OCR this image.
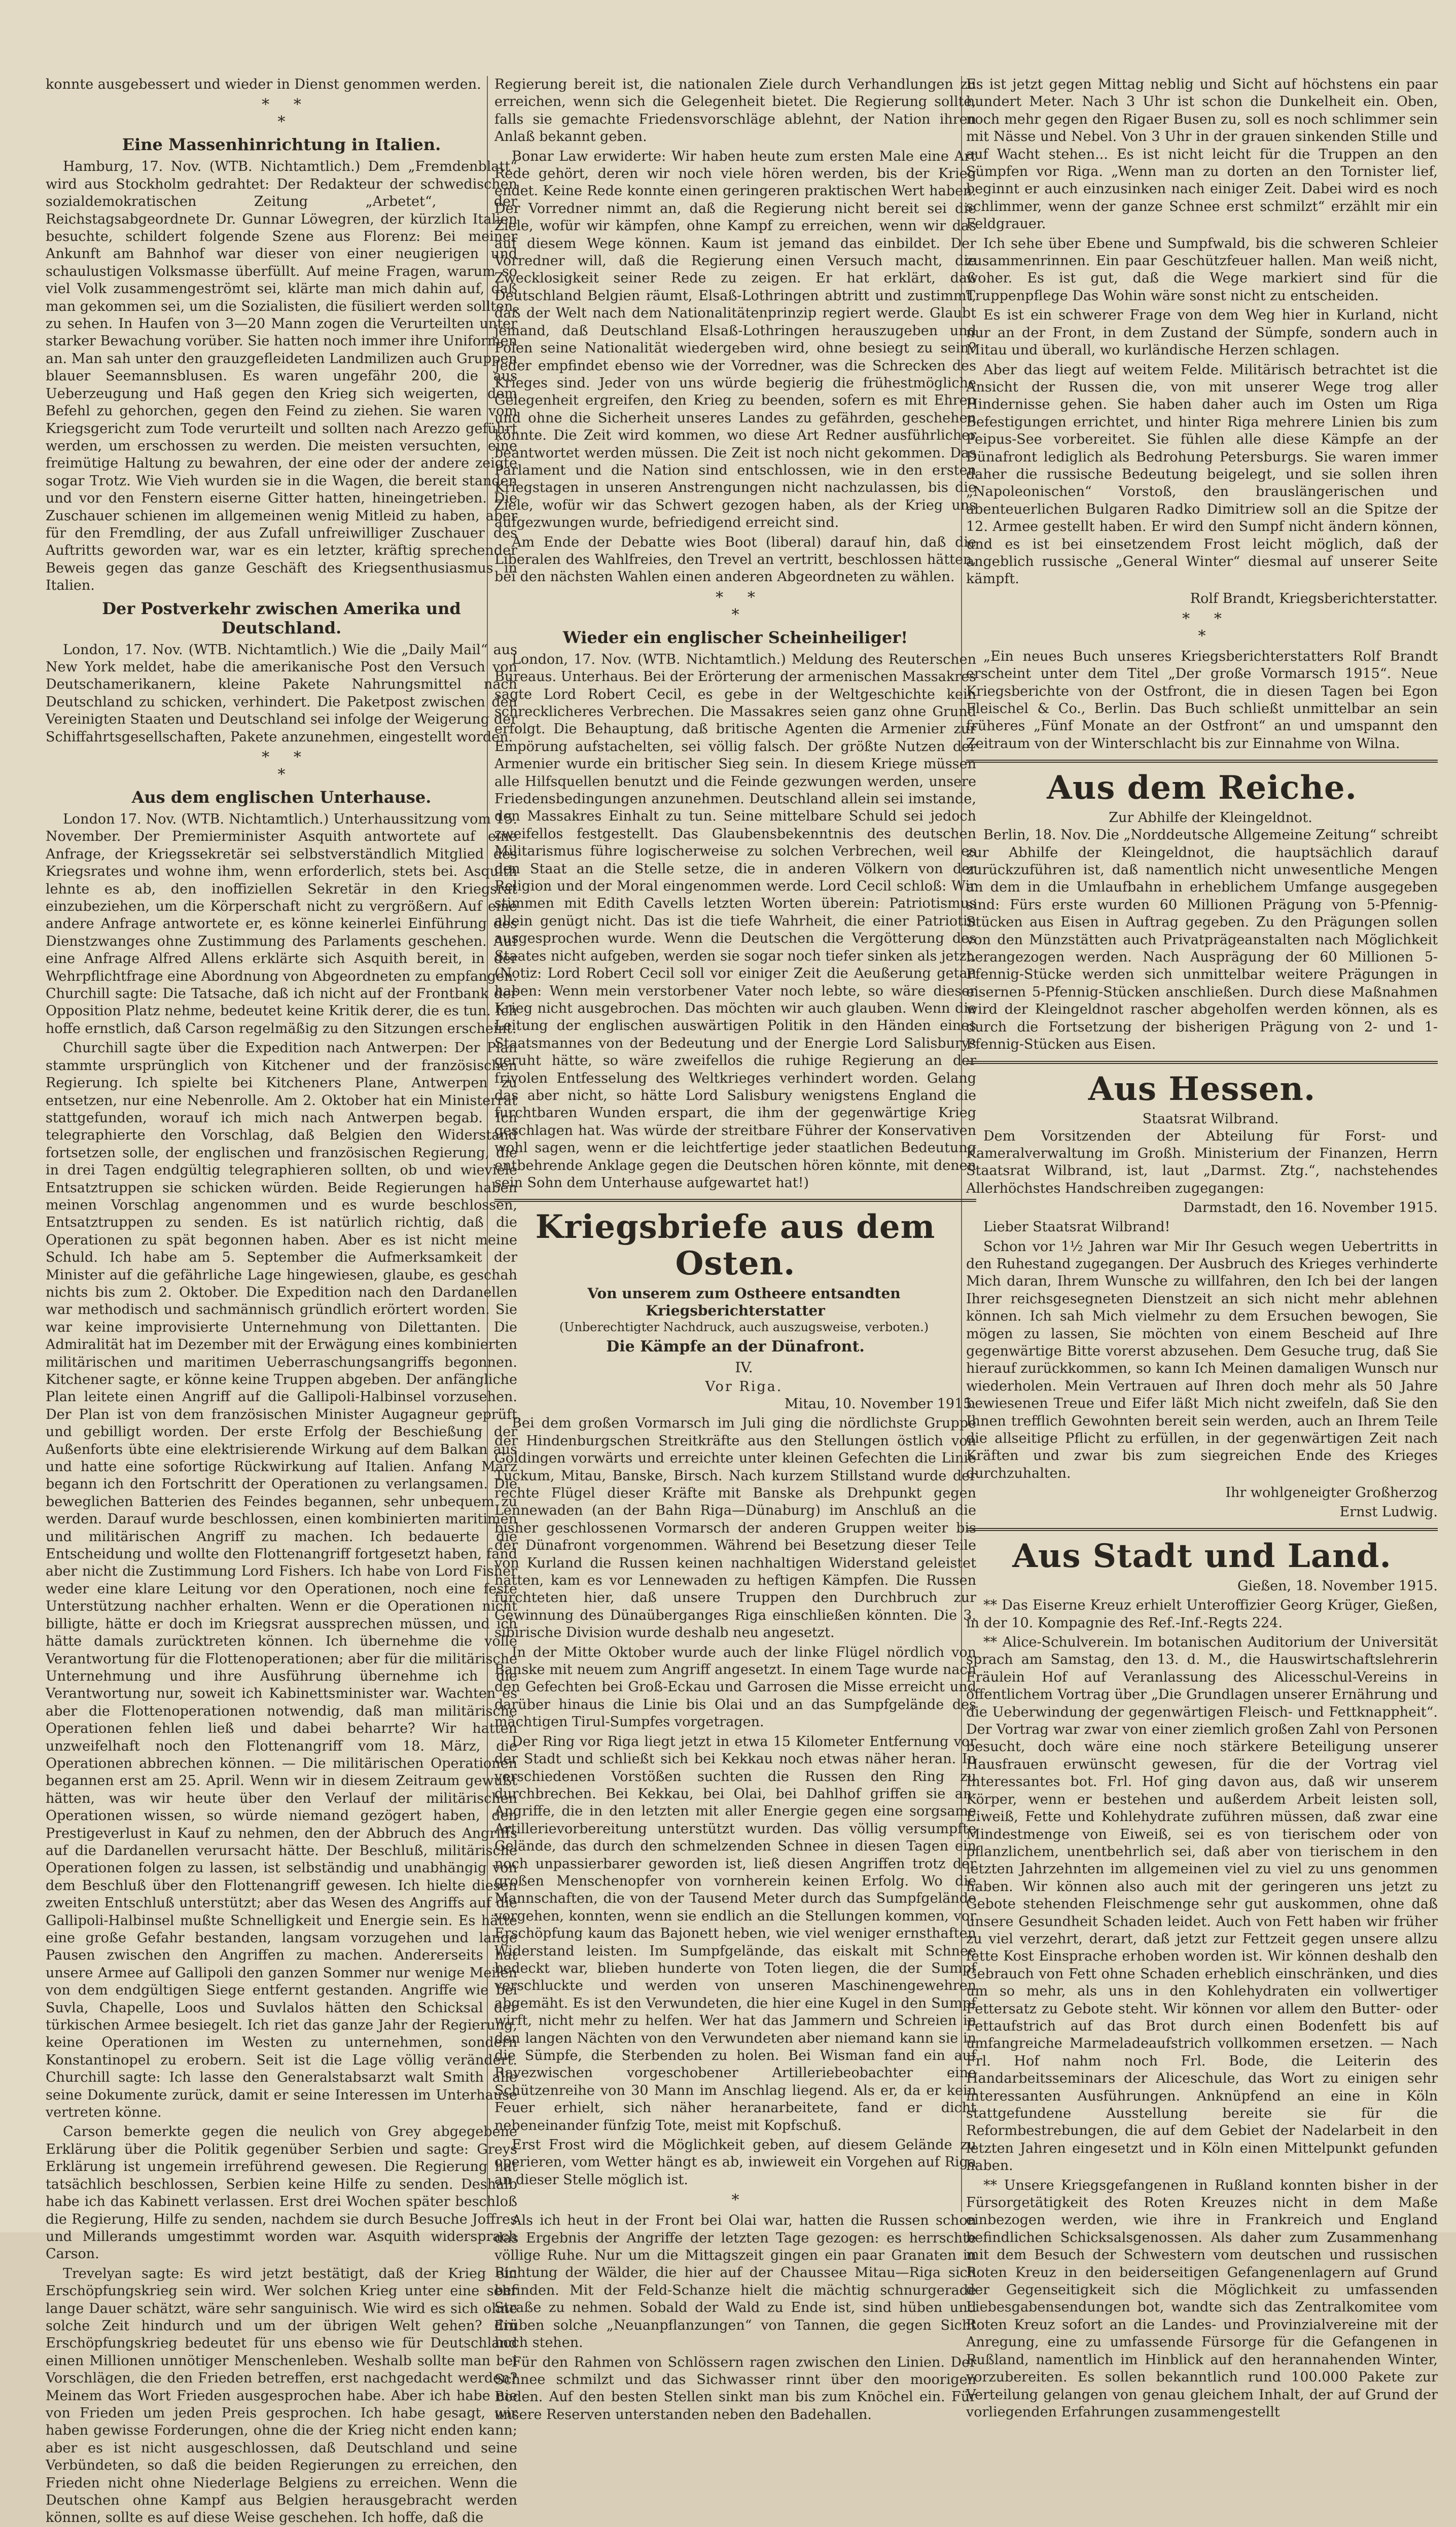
konnte ausgebessert und wieder in Dienst genommen werden.

*     *
*
Eine Massenhinrichtung in Italien.

Hamburg, 17. Nov. (WTB. Nichtamtlich.) Dem „Fremdenblatt“ wird aus Stockholm gedrahtet: Der Redakteur der schwedischen sozialdemokratischen Zeitung „Arbetet“, der Reichstagsabgeordnete Dr. Gunnar Löwegren, der kürzlich Italien besuchte, schildert folgende Szene aus Florenz: Bei meiner Ankunft am Bahnhof war dieser von einer neugierigen und schaulustigen Volksmasse überfüllt. Auf meine Fragen, warum so viel Volk zusammengeströmt sei, klärte man mich dahin auf, daß man gekommen sei, um die Sozialisten, die füsiliert werden sollten, zu sehen. In Haufen von 3—20 Mann zogen die Verurteilten unter starker Bewachung vorüber. Sie hatten noch immer ihre Uniformen an. Man sah unter den grauzgefleideten Landmilizen auch Gruppen blauer Seemannsblusen. Es waren ungefähr 200, die aus Ueberzeugung und Haß gegen den Krieg sich weigerten, dem Befehl zu gehorchen, gegen den Feind zu ziehen. Sie waren vom Kriegsgericht zum Tode verurteilt und sollten nach Arezzo geführt werden, um erschossen zu werden. Die meisten versuchten, eine freimütige Haltung zu bewahren, der eine oder der andere zeigte sogar Trotz. Wie Vieh wurden sie in die Wagen, die bereit standen und vor den Fenstern eiserne Gitter hatten, hineingetrieben. Die Zuschauer schienen im allgemeinen wenig Mitleid zu haben, aber für den Fremdling, der aus Zufall unfreiwilliger Zuschauer des Auftritts geworden war, war es ein letzter, kräftig sprechender Beweis gegen das ganze Geschäft des Kriegsenthusiasmus in Italien.

Der Postverkehr zwischen Amerika und Deutschland.

London, 17. Nov. (WTB. Nichtamtlich.) Wie die „Daily Mail“ aus New York meldet, habe die amerikanische Post den Versuch von Deutschamerikanern, kleine Pakete Nahrungsmittel nach Deutschland zu schicken, verhindert. Die Paketpost zwischen den Vereinigten Staaten und Deutschland sei infolge der Weigerung der Schiffahrtsgesellschaften, Pakete anzunehmen, eingestellt worden.

*     *
*
Aus dem englischen Unterhause.

London 17. Nov. (WTB. Nichtamtlich.) Unterhaussitzung vom 15. November. Der Premierminister Asquith antwortete auf eine Anfrage, der Kriegssekretär sei selbstverständlich Mitglied des Kriegsrates und wohne ihm, wenn erforderlich, stets bei. Asquith lehnte es ab, den inoffiziellen Sekretär in den Kriegsrat einzubeziehen, um die Körperschaft nicht zu vergrößern. Auf eine andere Anfrage antwortete er, es könne keinerlei Einführung des Dienstzwanges ohne Zustimmung des Parlaments geschehen. Auf eine Anfrage Alfred Allens erklärte sich Asquith bereit, in der Wehrpflichtfrage eine Abordnung von Abgeordneten zu empfangen. Churchill sagte: Die Tatsache, daß ich nicht auf der Frontbank der Opposition Platz nehme, bedeutet keine Kritik derer, die es tun. Ich hoffe ernstlich, daß Carson regelmäßig zu den Sitzungen erscheint.

Churchill sagte über die Expedition nach Antwerpen: Der Plan stammte ursprünglich von Kitchener und der französischen Regierung. Ich spielte bei Kitcheners Plane, Antwerpen zu entsetzen, nur eine Nebenrolle. Am 2. Oktober hat ein Ministerrat stattgefunden, worauf ich mich nach Antwerpen begab. Ich telegraphierte den Vorschlag, daß Belgien den Widerstand fortsetzen solle, der englischen und französischen Regierung, die in drei Tagen endgültig telegraphieren sollten, ob und wieviele Entsatztruppen sie schicken würden. Beide Regierungen haben meinen Vorschlag angenommen und es wurde beschlossen, Entsatztruppen zu senden. Es ist natürlich richtig, daß die Operationen zu spät begonnen haben. Aber es ist nicht meine Schuld. Ich habe am 5. September die Aufmerksamkeit der Minister auf die gefährliche Lage hingewiesen, glaube, es geschah nichts bis zum 2. Oktober. Die Expedition nach den Dardanellen war methodisch und sachmännisch gründlich erörtert worden. Sie war keine improvisierte Unternehmung von Dilettanten. Die Admiralität hat im Dezember mit der Erwägung eines kombinierten militärischen und maritimen Ueberraschungsangriffs begonnen. Kitchener sagte, er könne keine Truppen abgeben. Der anfängliche Plan leitete einen Angriff auf die Gallipoli-Halbinsel vorzusehen. Der Plan ist von dem französischen Minister Augagneur geprüft und gebilligt worden. Der erste Erfolg der Beschießung der Außenforts übte eine elektrisierende Wirkung auf dem Balkan aus und hatte eine sofortige Rückwirkung auf Italien. Anfang März begann ich den Fortschritt der Operationen zu verlangsamen. Die beweglichen Batterien des Feindes begannen, sehr unbequem zu werden. Darauf wurde beschlossen, einen kombinierten maritimen und militärischen Angriff zu machen. Ich bedauerte die Entscheidung und wollte den Flottenangriff fortgesetzt haben, fand aber nicht die Zustimmung Lord Fishers. Ich habe von Lord Fisher weder eine klare Leitung vor den Operationen, noch eine feste Unterstützung nachher erhalten. Wenn er die Operationen nicht billigte, hätte er doch im Kriegsrat aussprechen müssen, und ich hätte damals zurücktreten können. Ich übernehme die volle Verantwortung für die Flottenoperationen; aber für die militärische Unternehmung und ihre Ausführung übernehme ich die Verantwortung nur, soweit ich Kabinettsminister war. Wachten es aber die Flottenoperationen notwendig, daß man militärische Operationen fehlen ließ und dabei beharrte? Wir hatten unzweifelhaft noch den Flottenangriff vom 18. März, die Operationen abbrechen können. — Die militärischen Operationen begannen erst am 25. April. Wenn wir in diesem Zeitraum gewußt hätten, was wir heute über den Verlauf der militärischen Operationen wissen, so würde niemand gezögert haben, den Prestigeverlust in Kauf zu nehmen, den der Abbruch des Angriffs auf die Dardanellen verursacht hätte. Der Beschluß, militärische Operationen folgen zu lassen, ist selbständig und unabhängig von dem Beschluß über den Flottenangriff gewesen. Ich hielte diesen zweiten Entschluß unterstützt; aber das Wesen des Angriffs auf die Gallipoli-Halbinsel mußte Schnelligkeit und Energie sein. Es hätte eine große Gefahr bestanden, langsam vorzugehen und lange Pausen zwischen den Angriffen zu machen. Andererseits hat unsere Armee auf Gallipoli den ganzen Sommer nur wenige Meilen von dem endgültigen Siege entfernt gestanden. Angriffe wie bei Suvla, Chapelle, Loos und Suvlalos hätten den Schicksal der türkischen Armee besiegelt. Ich riet das ganze Jahr der Regierung, keine Operationen im Westen zu unternehmen, sondern Konstantinopel zu erobern. Seit ist die Lage völlig verändert. Churchill sagte: Ich lasse den Generalstabsarzt walt Smith alle seine Dokumente zurück, damit er seine Interessen im Unterhause vertreten könne.

Carson bemerkte gegen die neulich von Grey abgegebene Erklärung über die Politik gegenüber Serbien und sagte: Greys Erklärung ist ungemein irreführend gewesen. Die Regierung hat tatsächlich beschlossen, Serbien keine Hilfe zu senden. Deshalb habe ich das Kabinett verlassen. Erst drei Wochen später beschloß die Regierung, Hilfe zu senden, nachdem sie durch Besuche Joffres und Millerands umgestimmt worden war. Asquith widersprach Carson.

Trevelyan sagte: Es wird jetzt bestätigt, daß der Krieg ein Erschöpfungskrieg sein wird. Wer solchen Krieg unter eine sehr lange Dauer schätzt, wäre sehr sanguinisch. Wie wird es sich ohne solche Zeit hindurch und um der übrigen Welt gehen? Ein Erschöpfungskrieg bedeutet für uns ebenso wie für Deutschland einen Millionen unnötiger Menschenleben. Weshalb sollte man bei Vorschlägen, die den Frieden betreffen, erst nachgedacht werden? Meinem das Wort Frieden ausgesprochen habe. Aber ich habe nie von Frieden um jeden Preis gesprochen. Ich habe gesagt, wir haben gewisse Forderungen, ohne die der Krieg nicht enden kann; aber es ist nicht ausgeschlossen, daß Deutschland und seine Verbündeten, so daß die beiden Regierungen zu erreichen, den Frieden nicht ohne Niederlage Belgiens zu erreichen. Wenn die Deutschen ohne Kampf aus Belgien herausgebracht werden können, sollte es auf diese Weise geschehen. Ich hoffe, daß die

Regierung bereit ist, die nationalen Ziele durch Verhandlungen zu erreichen, wenn sich die Gelegenheit bietet. Die Regierung sollte, falls sie gemachte Friedensvorschläge ablehnt, der Nation ihren Anlaß bekannt geben.

Bonar Law erwiderte: Wir haben heute zum ersten Male eine Art Rede gehört, deren wir noch viele hören werden, bis der Krieg endet. Keine Rede konnte einen geringeren praktischen Wert haben. Der Vorredner nimmt an, daß die Regierung nicht bereit sei die Ziele, wofür wir kämpfen, ohne Kampf zu erreichen, wenn wir das auf diesem Wege können. Kaum ist jemand das einbildet. Der Vorredner will, daß die Regierung einen Versuch macht, die Zwecklosigkeit seiner Rede zu zeigen. Er hat erklärt, daß Deutschland Belgien räumt, Elsaß-Lothringen abtritt und zustimmt, daß der Welt nach dem Nationalitätenprinzip regiert werde. Glaubt jemand, daß Deutschland Elsaß-Lothringen herauszugeben und Polen seine Nationalität wiedergeben wird, ohne besiegt zu sein? Jeder empfindet ebenso wie der Vorredner, was die Schrecken des Krieges sind. Jeder von uns würde begierig die frühestmögliche Gelegenheit ergreifen, den Krieg zu beenden, sofern es mit Ehren und ohne die Sicherheit unseres Landes zu gefährden, geschehen könnte. Die Zeit wird kommen, wo diese Art Redner ausführlicher beantwortet werden müssen. Die Zeit ist noch nicht gekommen. Das Parlament und die Nation sind entschlossen, wie in den ersten Kriegstagen in unseren Anstrengungen nicht nachzulassen, bis die Ziele, wofür wir das Schwert gezogen haben, als der Krieg uns aufgezwungen wurde, befriedigend erreicht sind.

Am Ende der Debatte wies Boot (liberal) darauf hin, daß die Liberalen des Wahlfreies, den Trevel an vertritt, beschlossen hätten, bei den nächsten Wahlen einen anderen Abgeordneten zu wählen.

*     *
*
Wieder ein englischer Scheinheiliger!

London, 17. Nov. (WTB. Nichtamtlich.) Meldung des Reuterschen Bureaus. Unterhaus. Bei der Erörterung der armenischen Massakres sagte Lord Robert Cecil, es gebe in der Weltgeschichte kein schrecklicheres Verbrechen. Die Massakres seien ganz ohne Grund erfolgt. Die Behauptung, daß britische Agenten die Armenier zur Empörung aufstachelten, sei völlig falsch. Der größte Nutzen der Armenier wurde ein britischer Sieg sein. In diesem Kriege müssen alle Hilfsquellen benutzt und die Feinde gezwungen werden, unsere Friedensbedingungen anzunehmen. Deutschland allein sei imstande, den Massakres Einhalt zu tun. Seine mittelbare Schuld sei jedoch zweifellos festgestellt. Das Glaubensbekenntnis des deutschen Militarismus führe logischerweise zu solchen Verbrechen, weil es den Staat an die Stelle setze, die in anderen Völkern von der Religion und der Moral eingenommen werde. Lord Cecil schloß: Wir stimmen mit Edith Cavells letzten Worten überein: Patriotismus allein genügt nicht. Das ist die tiefe Wahrheit, die einer Patriotin ausgesprochen wurde. Wenn die Deutschen die Vergötterung des Staates nicht aufgeben, werden sie sogar noch tiefer sinken als jetzt. (Notiz: Lord Robert Cecil soll vor einiger Zeit die Aeußerung getan haben: Wenn mein verstorbener Vater noch lebte, so wäre dieser Krieg nicht ausgebrochen. Das möchten wir auch glauben. Wenn die Leitung der englischen auswärtigen Politik in den Händen eines Staatsmannes von der Bedeutung und der Energie Lord Salisburys geruht hätte, so wäre zweifellos die ruhige Regierung an der frivolen Entfesselung des Weltkrieges verhindert worden. Gelang das aber nicht, so hätte Lord Salisbury wenigstens England die furchtbaren Wunden erspart, die ihm der gegenwärtige Krieg geschlagen hat. Was würde der streitbare Führer der Konservativen wohl sagen, wenn er die leichtfertige jeder staatlichen Bedeutung entbehrende Anklage gegen die Deutschen hören könnte, mit denen sein Sohn dem Unterhause aufgewartet hat!)

Kriegsbriefe aus dem Osten.

Von unserem zum Ostheere entsandten Kriegsberichterstatter

(Unberechtigter Nachdruck, auch auszugsweise, verboten.)

Die Kämpfe an der Dünafront.

IV.

Vor Riga.

Mitau, 10. November 1915.

Bei dem großen Vormarsch im Juli ging die nördlichste Gruppe der Hindenburgschen Streitkräfte aus den Stellungen östlich von Goldingen vorwärts und erreichte unter kleinen Gefechten die Linie Tuckum, Mitau, Banske, Birsch. Nach kurzem Stillstand wurde der rechte Flügel dieser Kräfte mit Banske als Drehpunkt gegen Lennewaden (an der Bahn Riga—Dünaburg) im Anschluß an die bisher geschlossenen Vormarsch der anderen Gruppen weiter bis der Dünafront vorgenommen. Während bei Besetzung dieser Teile von Kurland die Russen keinen nachhaltigen Widerstand geleistet hatten, kam es vor Lennewaden zu heftigen Kämpfen. Die Russen fürchteten hier, daß unsere Truppen den Durchbruch zur Gewinnung des Dünaüberganges Riga einschließen könnten. Die 3. sibirische Division wurde deshalb neu angesetzt.

In der Mitte Oktober wurde auch der linke Flügel nördlich von Banske mit neuem zum Angriff angesetzt. In einem Tage wurde nach den Gefechten bei Groß-Eckau und Garrosen die Misse erreicht und darüber hinaus die Linie bis Olai und an das Sumpfgelände des mächtigen Tirul-Sumpfes vorgetragen.

Der Ring vor Riga liegt jetzt in etwa 15 Kilometer Entfernung vor der Stadt und schließt sich bei Kekkau noch etwas näher heran. In verschiedenen Vorstößen suchten die Russen den Ring zu durchbrechen. Bei Kekkau, bei Olai, bei Dahlhof griffen sie an. Angriffe, die in den letzten mit aller Energie gegen eine sorgsame Artillerievorbereitung unterstützt wurden. Das völlig versumpfte Gelände, das durch den schmelzenden Schnee in diesen Tagen ein noch unpassierbarer geworden ist, ließ diesen Angriffen trotz der großen Menschenopfer von vornherein keinen Erfolg. Wo die Mannschaften, die von der Tausend Meter durch das Sumpfgelände vorgehen, konnten, wenn sie endlich an die Stellungen kommen, vor Erschöpfung kaum das Bajonett heben, wie viel weniger ernsthaften Widerstand leisten. Im Sumpfgelände, das eiskalt mit Schnee bedeckt war, blieben hunderte von Toten liegen, die der Sumpf verschluckte und werden von unseren Maschinengewehren abgemäht. Es ist den Verwundeten, die hier eine Kugel in den Sumpf wirft, nicht mehr zu helfen. Wer hat das Jammern und Schreien in den langen Nächten von den Verwundeten aber niemand kann sie in die Sümpfe, die Sterbenden zu holen. Bei Wisman fand ein auf Ravezwischen vorgeschobener Artilleriebeobachter eine Schützenreihe von 30 Mann im Anschlag liegend. Als er, da er kein Feuer erhielt, sich näher heranarbeitete, fand er dicht nebeneinander fünfzig Tote, meist mit Kopfschuß.

Erst Frost wird die Möglichkeit geben, auf diesem Gelände zu operieren, vom Wetter hängt es ab, inwieweit ein Vorgehen auf Riga an dieser Stelle möglich ist.

*

Als ich heut in der Front bei Olai war, hatten die Russen schon das Ergebnis der Angriffe der letzten Tage gezogen: es herrschte völlige Ruhe. Nur um die Mittagszeit gingen ein paar Granaten in Richtung der Wälder, die hier auf der Chaussee Mitau—Riga sich befinden. Mit der Feld-Schanze hielt die mächtig schnurgerade Straße zu nehmen. Sobald der Wald zu Ende ist, sind hüben und drüben solche „Neuanpflanzungen“ von Tannen, die gegen Sicht hoch stehen.

Für den Rahmen von Schlössern ragen zwischen den Linien. Der Schnee schmilzt und das Sichwasser rinnt über den moorigen Boden. Auf den besten Stellen sinkt man bis zum Knöchel ein. Für unsere Reserven unterstanden neben den Badehallen.

Es ist jetzt gegen Mittag neblig und Sicht auf höchstens ein paar hundert Meter. Nach 3 Uhr ist schon die Dunkelheit ein. Oben, noch mehr gegen den Rigaer Busen zu, soll es noch schlimmer sein mit Nässe und Nebel. Von 3 Uhr in der grauen sinkenden Stille und auf Wacht stehen... Es ist nicht leicht für die Truppen an den Sümpfen vor Riga. „Wenn man zu dorten an den Tornister lief, beginnt er auch einzusinken nach einiger Zeit. Dabei wird es noch schlimmer, wenn der ganze Schnee erst schmilzt“ erzählt mir ein Feldgrauer.

Ich sehe über Ebene und Sumpfwald, bis die schweren Schleier zusammenrinnen. Ein paar Geschützfeuer hallen. Man weiß nicht, woher. Es ist gut, daß die Wege markiert sind für die Truppenpflege Das Wohin wäre sonst nicht zu entscheiden.

Es ist ein schwerer Frage von dem Weg hier in Kurland, nicht nur an der Front, in dem Zustand der Sümpfe, sondern auch in Mitau und überall, wo kurländische Herzen schlagen.

Aber das liegt auf weitem Felde. Militärisch betrachtet ist die Ansicht der Russen die, von mit unserer Wege trog aller Hindernisse gehen. Sie haben daher auch im Osten um Riga Befestigungen errichtet, und hinter Riga mehrere Linien bis zum Peipus-See vorbereitet. Sie fühlen alle diese Kämpfe an der Dünafront lediglich als Bedrohung Petersburgs. Sie waren immer daher die russische Bedeutung beigelegt, und sie sollen ihren „Napoleonischen“ Vorstoß, den brauslängerischen und abenteuerlichen Bulgaren Radko Dimitriew soll an die Spitze der 12. Armee gestellt haben. Er wird den Sumpf nicht ändern können, und es ist bei einsetzendem Frost leicht möglich, daß der angeblich russische „General Winter“ diesmal auf unserer Seite kämpft.

Rolf Brandt, Kriegsberichterstatter.

*     *
*

„Ein neues Buch unseres Kriegsberichterstatters Rolf Brandt erscheint unter dem Titel „Der große Vormarsch 1915“. Neue Kriegsberichte von der Ostfront, die in diesen Tagen bei Egon Fleischel & Co., Berlin. Das Buch schließt unmittelbar an sein früheres „Fünf Monate an der Ostfront“ an und umspannt den Zeitraum von der Winterschlacht bis zur Einnahme von Wilna.

Aus dem Reiche.

Zur Abhilfe der Kleingeldnot.

Berlin, 18. Nov. Die „Norddeutsche Allgemeine Zeitung“ schreibt zur Abhilfe der Kleingeldnot, die hauptsächlich darauf zurückzuführen ist, daß namentlich nicht unwesentliche Mengen an dem in die Umlaufbahn in erheblichem Umfange ausgegeben sind: Fürs erste wurden 60 Millionen Prägung von 5-Pfennig-Stücken aus Eisen in Auftrag gegeben. Zu den Prägungen sollen von den Münzstätten auch Privatprägeanstalten nach Möglichkeit herangezogen werden. Nach Ausprägung der 60 Millionen 5-Pfennig-Stücke werden sich unmittelbar weitere Prägungen in eisernen 5-Pfennig-Stücken anschließen. Durch diese Maßnahmen wird der Kleingeldnot rascher abgeholfen werden können, als es durch die Fortsetzung der bisherigen Prägung von 2- und 1-Pfennig-Stücken aus Eisen.

Aus Hessen.

Staatsrat Wilbrand.

Dem Vorsitzenden der Abteilung für Forst- und Kameralverwaltung im Großh. Ministerium der Finanzen, Herrn Staatsrat Wilbrand, ist, laut „Darmst. Ztg.“, nachstehendes Allerhöchstes Handschreiben zugegangen:

Darmstadt, den 16. November 1915.

Lieber Staatsrat Wilbrand!

Schon vor 1½ Jahren war Mir Ihr Gesuch wegen Uebertritts in den Ruhestand zugegangen. Der Ausbruch des Krieges verhinderte Mich daran, Ihrem Wunsche zu willfahren, den Ich bei der langen Ihrer reichsgesegneten Dienstzeit an sich nicht mehr ablehnen können. Ich sah Mich vielmehr zu dem Ersuchen bewogen, Sie mögen zu lassen, Sie möchten von einem Bescheid auf Ihre gegenwärtige Bitte vorerst abzusehen. Dem Gesuche trug, daß Sie hierauf zurückkommen, so kann Ich Meinen damaligen Wunsch nur wiederholen. Mein Vertrauen auf Ihren doch mehr als 50 Jahre bewiesenen Treue und Eifer läßt Mich nicht zweifeln, daß Sie den Ihnen trefflich Gewohnten bereit sein werden, auch an Ihrem Teile die allseitige Pflicht zu erfüllen, in der gegenwärtigen Zeit nach Kräften und zwar bis zum siegreichen Ende des Krieges durchzuhalten.

Ihr wohlgeneigter Großherzog

Ernst Ludwig.

Aus Stadt und Land.

Gießen, 18. November 1915.

** Das Eiserne Kreuz erhielt Unteroffizier Georg Krüger, Gießen, in der 10. Kompagnie des Ref.-Inf.-Regts 224.

** Alice-Schulverein. Im botanischen Auditorium der Universität sprach am Samstag, den 13. d. M., die Hauswirtschaftslehrerin Fräulein Hof auf Veranlassung des Alicesschul-Vereins in öffentlichem Vortrag über „Die Grundlagen unserer Ernährung und die Ueberwindung der gegenwärtigen Fleisch- und Fettknappheit“. Der Vortrag war zwar von einer ziemlich großen Zahl von Personen besucht, doch wäre eine noch stärkere Beteiligung unserer Hausfrauen erwünscht gewesen, für die der Vortrag viel Interessantes bot. Frl. Hof ging davon aus, daß wir unserem Körper, wenn er bestehen und außerdem Arbeit leisten soll, Eiweiß, Fette und Kohlehydrate zuführen müssen, daß zwar eine Mindestmenge von Eiweiß, sei es von tierischem oder von pflanzlichem, unentbehrlich sei, daß aber von tierischem in den letzten Jahrzehnten im allgemeinen viel zu viel zu uns genommen haben. Wir können also auch mit der geringeren uns jetzt zu Gebote stehenden Fleischmenge sehr gut auskommen, ohne daß unsere Gesundheit Schaden leidet. Auch von Fett haben wir früher zu viel verzehrt, derart, daß jetzt zur Fettzeit gegen unsere allzu fette Kost Einsprache erhoben worden ist. Wir können deshalb den Gebrauch von Fett ohne Schaden erheblich einschränken, und dies um so mehr, als uns in den Kohlehydraten ein vollwertiger Fettersatz zu Gebote steht. Wir können vor allem den Butter- oder Fettaufstrich auf das Brot durch einen Bodenfett bis auf umfangreiche Marmeladeaufstrich vollkommen ersetzen. — Nach Frl. Hof nahm noch Frl. Bode, die Leiterin des Handarbeitsseminars der Aliceschule, das Wort zu einigen sehr interessanten Ausführungen. Anknüpfend an eine in Köln stattgefundene Ausstellung bereite sie für die Reformbestrebungen, die auf dem Gebiet der Nadelarbeit in den letzten Jahren eingesetzt und in Köln einen Mittelpunkt gefunden haben.

** Unsere Kriegsgefangenen in Rußland konnten bisher in der Fürsorgetätigkeit des Roten Kreuzes nicht in dem Maße einbezogen werden, wie ihre in Frankreich und England befindlichen Schicksalsgenossen. Als daher zum Zusammenhang mit dem Besuch der Schwestern vom deutschen und russischen Roten Kreuz in den beiderseitigen Gefangenenlagern auf Grund der Gegenseitigkeit sich die Möglichkeit zu umfassenden Liebesgabensendungen bot, wandte sich das Zentralkomitee vom Roten Kreuz sofort an die Landes- und Provinzialvereine mit der Anregung, eine zu umfassende Fürsorge für die Gefangenen in Rußland, namentlich im Hinblick auf den herannahenden Winter, vorzubereiten. Es sollen bekanntlich rund 100.000 Pakete zur Verteilung gelangen von genau gleichem Inhalt, der auf Grund der vorliegenden Erfahrungen zusammengestellt
